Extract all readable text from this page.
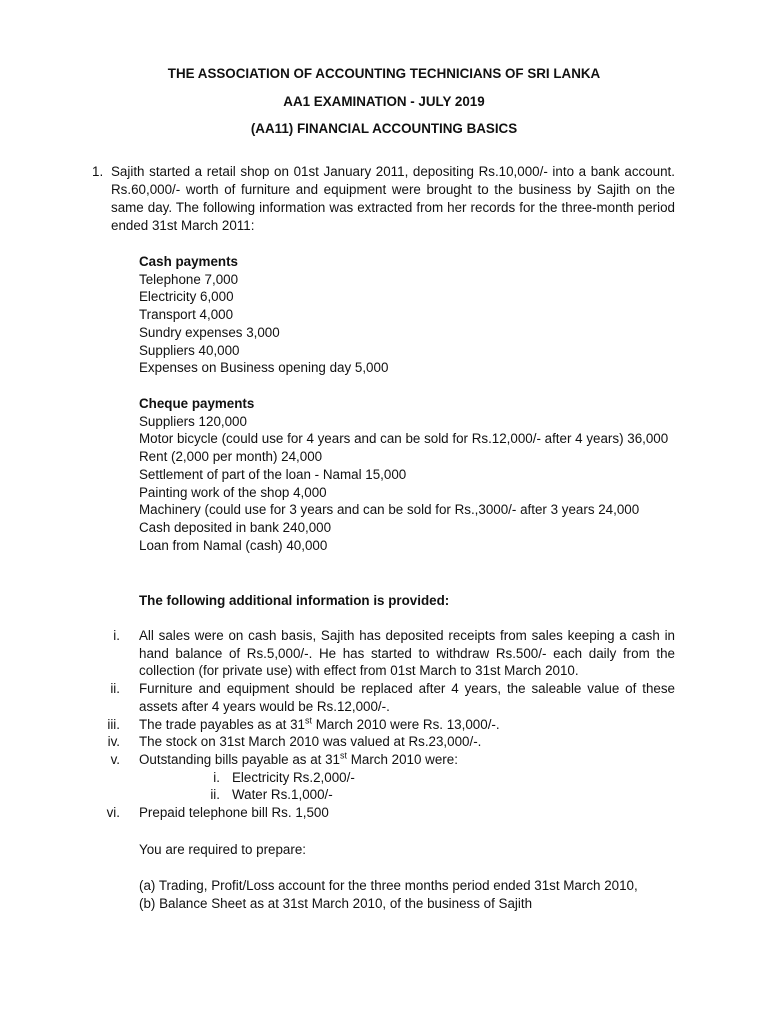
THE ASSOCIATION OF ACCOUNTING TECHNICIANS OF SRI LANKA
AA1 EXAMINATION - JULY 2019
(AA11) FINANCIAL ACCOUNTING BASICS
1. Sajith started a retail shop on 01st January 2011, depositing Rs.10,000/- into a bank account. Rs.60,000/- worth of furniture and equipment were brought to the business by Sajith on the same day. The following information was extracted from her records for the three-month period ended 31st March 2011:
Cash payments
Telephone 7,000
Electricity 6,000
Transport 4,000
Sundry expenses 3,000
Suppliers 40,000
Expenses on Business opening day 5,000
Cheque payments
Suppliers 120,000
Motor bicycle (could use for 4 years and can be sold for Rs.12,000/- after 4 years) 36,000
Rent (2,000 per month) 24,000
Settlement of part of the loan - Namal 15,000
Painting work of the shop 4,000
Machinery (could use for 3 years and can be sold for Rs.,3000/- after 3 years 24,000
Cash deposited in bank 240,000
Loan from Namal (cash) 40,000
The following additional information is provided:
i. All sales were on cash basis, Sajith has deposited receipts from sales keeping a cash in hand balance of Rs.5,000/-. He has started to withdraw Rs.500/- each daily from the collection (for private use) with effect from 01st March to 31st March 2010.
ii. Furniture and equipment should be replaced after 4 years, the saleable value of these assets after 4 years would be Rs.12,000/-.
iii. The trade payables as at 31st March 2010 were Rs. 13,000/-.
iv. The stock on 31st March 2010 was valued at Rs.23,000/-.
v. Outstanding bills payable as at 31st March 2010 were:
i. Electricity Rs.2,000/-
ii. Water Rs.1,000/-
vi. Prepaid telephone bill Rs. 1,500
You are required to prepare:
(a) Trading, Profit/Loss account for the three months period ended 31st March 2010,
(b) Balance Sheet as at 31st March 2010, of the business of Sajith
